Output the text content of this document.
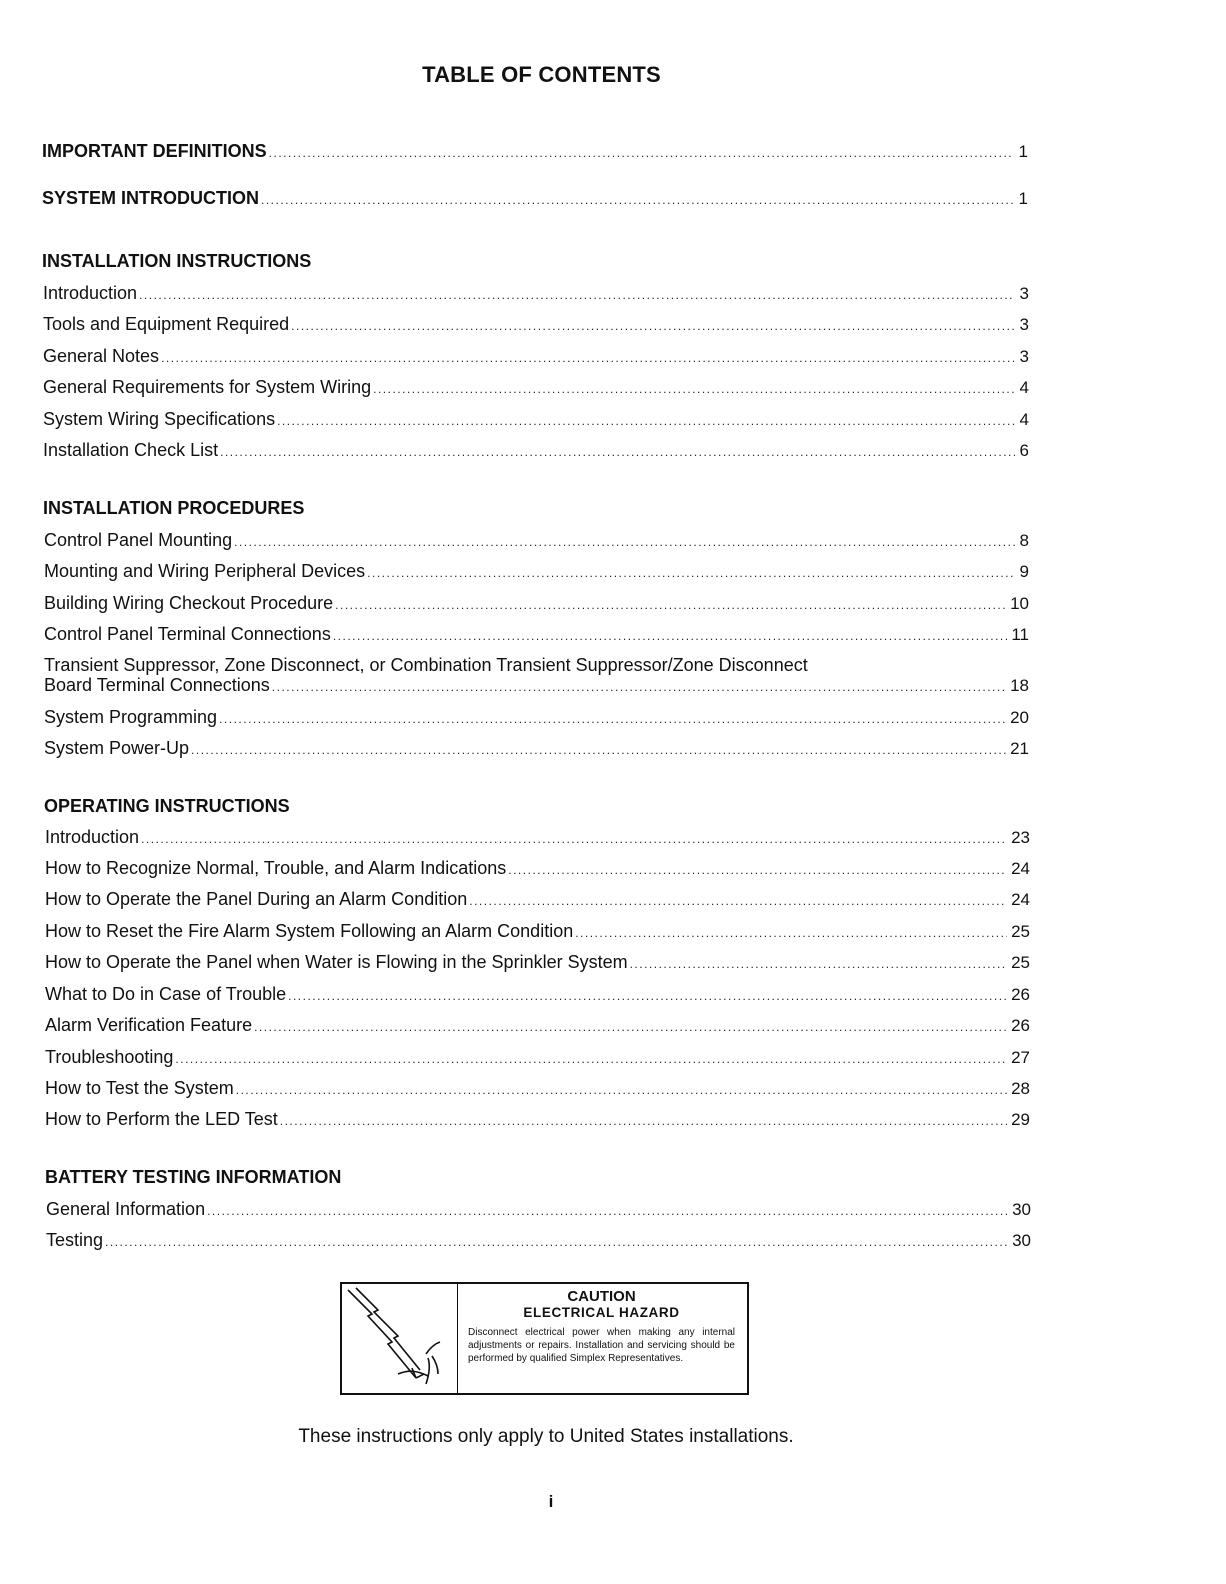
TABLE OF CONTENTS
IMPORTANT DEFINITIONS .....	1
SYSTEM INTRODUCTION .....	1
INSTALLATION INSTRUCTIONS
Introduction .....	3
Tools and Equipment Required .....	3
General Notes .....	3
General Requirements for System Wiring .....	4
System Wiring Specifications .....	4
Installation Check List .....	6
INSTALLATION PROCEDURES
Control Panel Mounting .....	8
Mounting and Wiring Peripheral Devices .....	9
Building Wiring Checkout Procedure .....	10
Control Panel Terminal Connections .....	11
Transient Suppressor, Zone Disconnect, or Combination Transient Suppressor/Zone Disconnect
Board Terminal Connections .....	18
System Programming .....	20
System Power-Up .....	21
OPERATING INSTRUCTIONS
Introduction .....	23
How to Recognize Normal, Trouble, and Alarm Indications .....	24
How to Operate the Panel During an Alarm Condition .....	24
How to Reset the Fire Alarm System Following an Alarm Condition .....	25
How to Operate the Panel when Water is Flowing in the Sprinkler System .....	25
What to Do in Case of Trouble .....	26
Alarm Verification Feature .....	26
Troubleshooting .....	27
How to Test the System .....	28
How to Perform the LED Test .....	29
BATTERY TESTING INFORMATION
General Information .....	30
Testing .....	30
CAUTION
ELECTRICAL HAZARD
Disconnect electrical power when making any internal adjustments or repairs. Installation and servicing should be performed by qualified Simplex Representatives.
These instructions only apply to United States installations.
i
